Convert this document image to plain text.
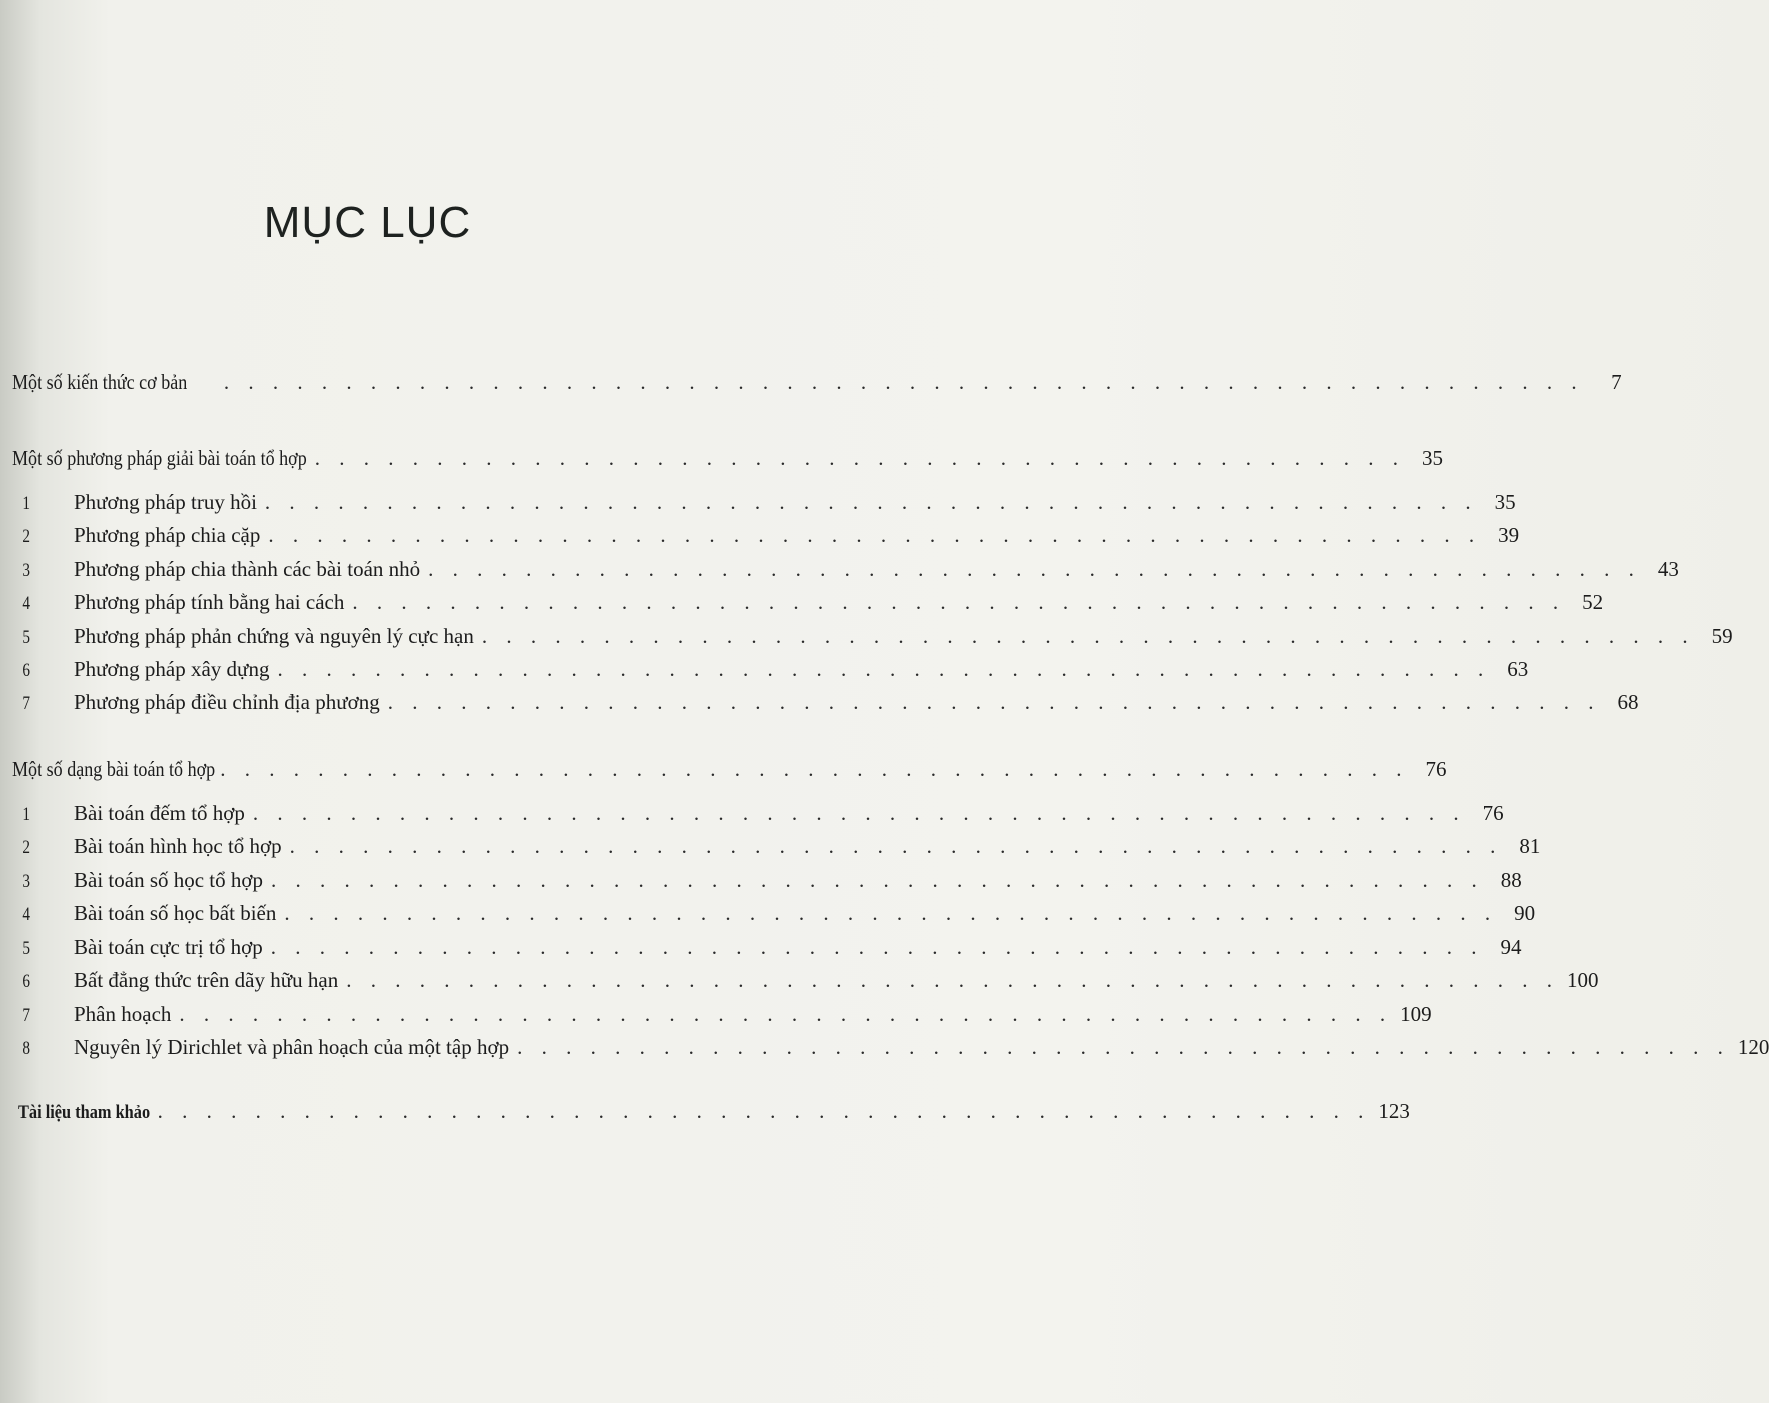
MỤC LỤC
Một số kiến thức cơ bản . . . . . . . . . . . . . . . . . . . . . . . . . . . . . . . . . . . . . . . . . . . . . . . . . . . . . . . .	7
Một số phương pháp giải bài toán tổ hợp . . . . . . . . . . . . . . . . . . . . . . . . . . . . . . . . . . . . . . . . . . . . . 35
1	Phương pháp truy hồi . . . . . . . . . . . . . . . . . . . . . . . . . . . . . . . . . . . . . . . . . . . . . . . . . . 35
2	Phương pháp chia cặp . . . . . . . . . . . . . . . . . . . . . . . . . . . . . . . . . . . . . . . . . . . . . . . . . . 39
3	Phương pháp chia thành các bài toán nhỏ . . . . . . . . . . . . . . . . . . . . . . . . . . . . . . . . . . . . . . . . . . . . . . . . . . 43
4	Phương pháp tính bằng hai cách . . . . . . . . . . . . . . . . . . . . . . . . . . . . . . . . . . . . . . . . . . . . . . . . . . 52
5	Phương pháp phản chứng và nguyên lý cực hạn . . . . . . . . . . . . . . . . . . . . . . . . . . . . . . . . . . . . . . . . . . . . . . . . . . 59
6	Phương pháp xây dựng . . . . . . . . . . . . . . . . . . . . . . . . . . . . . . . . . . . . . . . . . . . . . . . . . . 63
7	Phương pháp điều chỉnh địa phương . . . . . . . . . . . . . . . . . . . . . . . . . . . . . . . . . . . . . . . . . . . . . . . . . . 68
Một số dạng bài toán tổ hợp . . . . . . . . . . . . . . . . . . . . . . . . . . . . . . . . . . . . . . . . . . . . . . . . . 76
1	Bài toán đếm tổ hợp . . . . . . . . . . . . . . . . . . . . . . . . . . . . . . . . . . . . . . . . . . . . . . . . . . 76
2	Bài toán hình học tổ hợp . . . . . . . . . . . . . . . . . . . . . . . . . . . . . . . . . . . . . . . . . . . . . . . . . . 81
3	Bài toán số học tổ hợp . . . . . . . . . . . . . . . . . . . . . . . . . . . . . . . . . . . . . . . . . . . . . . . . . . 88
4	Bài toán số học bất biến . . . . . . . . . . . . . . . . . . . . . . . . . . . . . . . . . . . . . . . . . . . . . . . . . . 90
5	Bài toán cực trị tổ hợp . . . . . . . . . . . . . . . . . . . . . . . . . . . . . . . . . . . . . . . . . . . . . . . . . . 94
6	Bất đẳng thức trên dãy hữu hạn . . . . . . . . . . . . . . . . . . . . . . . . . . . . . . . . . . . . . . . . . . . . . . . . . . 100
7	Phân hoạch . . . . . . . . . . . . . . . . . . . . . . . . . . . . . . . . . . . . . . . . . . . . . . . . . . 109
8	Nguyên lý Dirichlet và phân hoạch của một tập hợp . . . . . . . . . . . . . . . . . . . . . . . . . . . . . . . . . . . . . . . . . . . . . . . . . . 120
Tài liệu tham khảo . . . . . . . . . . . . . . . . . . . . . . . . . . . . . . . . . . . . . . . . . . . . . . . . . . 123
